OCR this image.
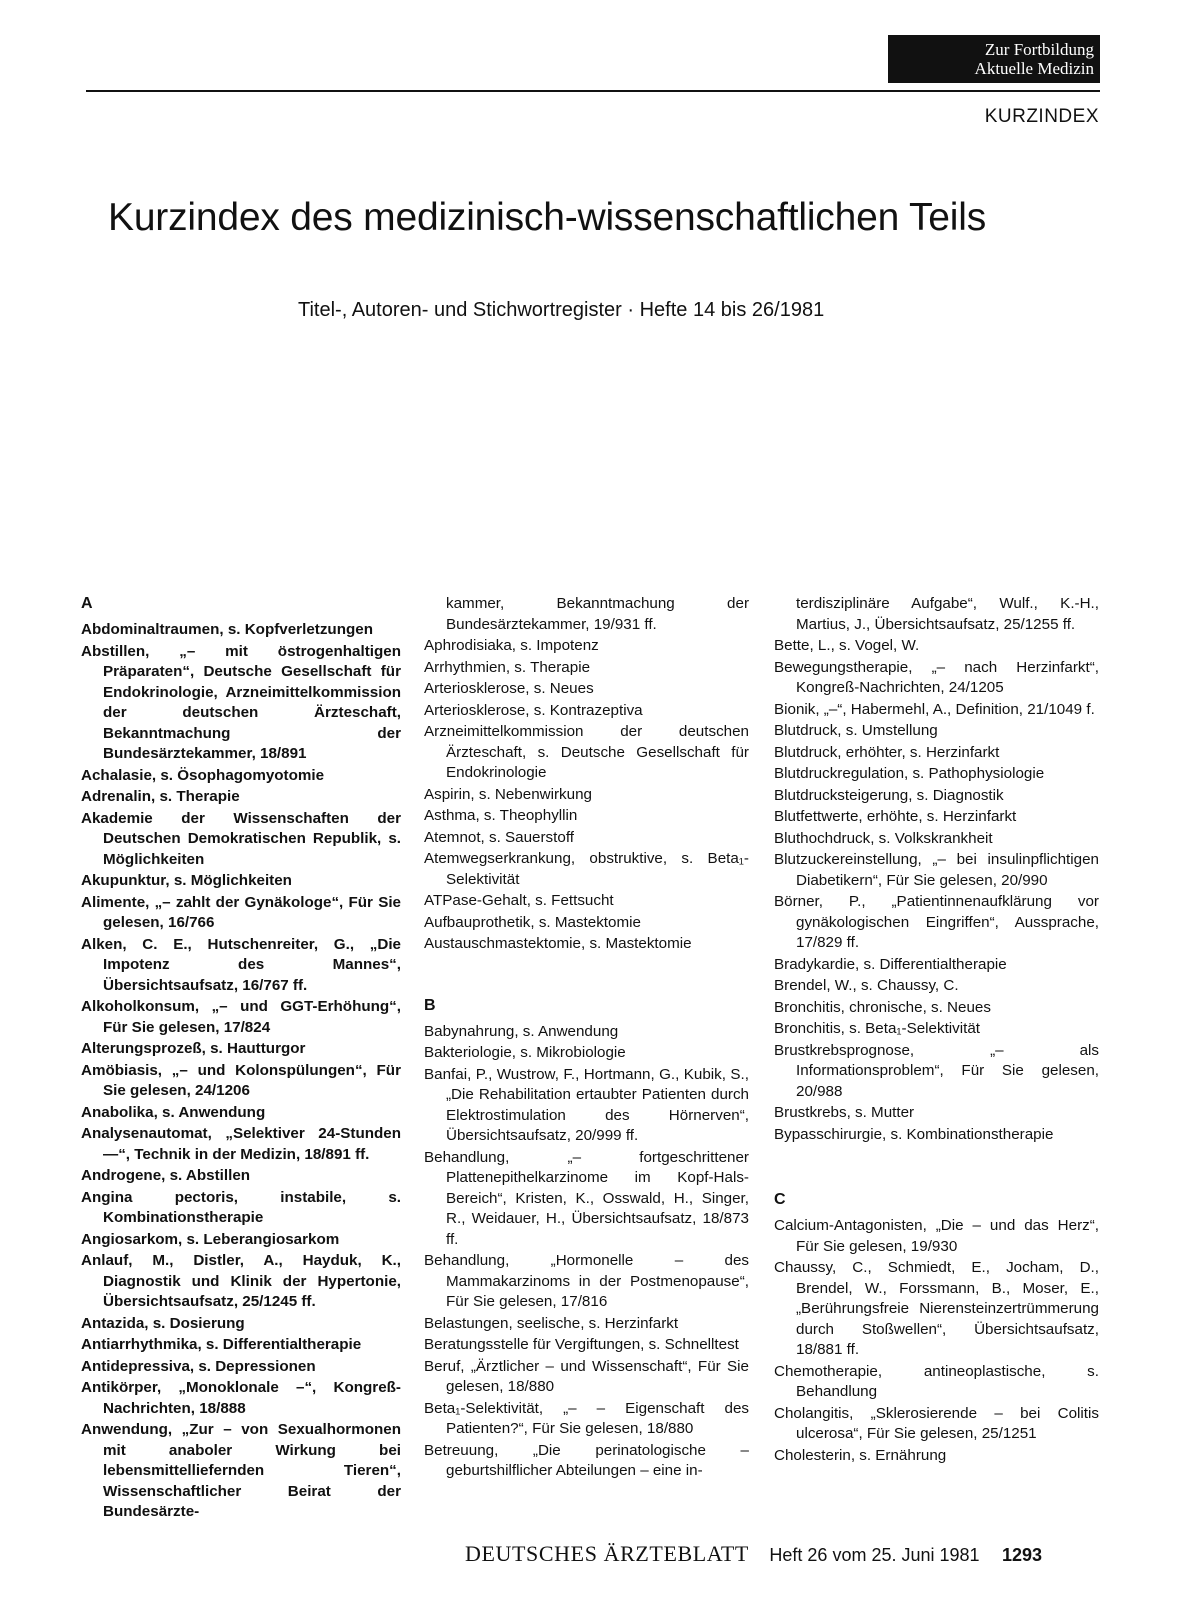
Zur Fortbildung
Aktuelle Medizin
KURZINDEX
Kurzindex des medizinisch-wissenschaftlichen Teils
Titel-, Autoren- und Stichwortregister · Hefte 14 bis 26/1981
A
Abdominaltraumen, s. Kopfverletzungen
Abstillen, „– mit östrogenhaltigen Präparaten“, Deutsche Gesellschaft für Endokrinologie, Arzneimittelkommission der deutschen Ärzteschaft, Bekanntmachung der Bundesärztekammer, 18/891
Achalasie, s. Ösophagomyotomie
Adrenalin, s. Therapie
Akademie der Wissenschaften der Deutschen Demokratischen Republik, s. Möglichkeiten
Akupunktur, s. Möglichkeiten
Alimente, „– zahlt der Gynäkologe“, Für Sie gelesen, 16/766
Alken, C. E., Hutschenreiter, G., „Die Impotenz des Mannes“, Übersichtsaufsatz, 16/767 ff.
Alkoholkonsum, „– und GGT-Erhöhung“, Für Sie gelesen, 17/824
Alterungsprozeß, s. Hautturgor
Amöbiasis, „– und Kolonspülungen“, Für Sie gelesen, 24/1206
Anabolika, s. Anwendung
Analysenautomat, „Selektiver 24-Stunden—“, Technik in der Medizin, 18/891 ff.
Androgene, s. Abstillen
Angina pectoris, instabile, s. Kombinationstherapie
Angiosarkom, s. Leberangiosarkom
Anlauf, M., Distler, A., Hayduk, K., Diagnostik und Klinik der Hypertonie, Übersichtsaufsatz, 25/1245 ff.
Antazida, s. Dosierung
Antiarrhythmika, s. Differentialtherapie
Antidepressiva, s. Depressionen
Antikörper, „Monoklonale –“, Kongreß-Nachrichten, 18/888
Anwendung, „Zur – von Sexualhormonen mit anaboler Wirkung bei lebensmittelliefernden Tieren“, Wissenschaftlicher Beirat der Bundesärzte-
kammer, Bekanntmachung der Bundesärztekammer, 19/931 ff.
Aphrodisiaka, s. Impotenz
Arrhythmien, s. Therapie
Arteriosklerose, s. Neues
Arteriosklerose, s. Kontrazeptiva
Arzneimittelkommission der deutschen Ärzteschaft, s. Deutsche Gesellschaft für Endokrinologie
Aspirin, s. Nebenwirkung
Asthma, s. Theophyllin
Atemnot, s. Sauerstoff
Atemwegserkrankung, obstruktive, s. Beta₁-Selektivität
ATPase-Gehalt, s. Fettsucht
Aufbauprothetik, s. Mastektomie
Austauschmastektomie, s. Mastektomie
B
Babynahrung, s. Anwendung
Bakteriologie, s. Mikrobiologie
Banfai, P., Wustrow, F., Hortmann, G., Kubik, S., „Die Rehabilitation ertaubter Patienten durch Elektrostimulation des Hörnerven“, Übersichtsaufsatz, 20/999 ff.
Behandlung, „– fortgeschrittener Plattenepithelkarzinome im Kopf-Hals-Bereich“, Kristen, K., Osswald, H., Singer, R., Weidauer, H., Übersichtsaufsatz, 18/873 ff.
Behandlung, „Hormonelle – des Mammakarzinoms in der Postmenopause“, Für Sie gelesen, 17/816
Belastungen, seelische, s. Herzinfarkt
Beratungsstelle für Vergiftungen, s. Schnelltest
Beruf, „Ärztlicher – und Wissenschaft“, Für Sie gelesen, 18/880
Beta₁-Selektivität, „– – Eigenschaft des Patienten?“, Für Sie gelesen, 18/880
Betreuung, „Die perinatologische – geburtshilflicher Abteilungen – eine in-
terdisziplinäre Aufgabe“, Wulf., K.-H., Martius, J., Übersichtsaufsatz, 25/1255 ff.
Bette, L., s. Vogel, W.
Bewegungstherapie, „– nach Herzinfarkt“, Kongreß-Nachrichten, 24/1205
Bionik, „–“, Habermehl, A., Definition, 21/1049 f.
Blutdruck, s. Umstellung
Blutdruck, erhöhter, s. Herzinfarkt
Blutdruckregulation, s. Pathophysiologie
Blutdrucksteigerung, s. Diagnostik
Blutfettwerte, erhöhte, s. Herzinfarkt
Bluthochdruck, s. Volkskrankheit
Blutzuckereinstellung, „– bei insulinpflichtigen Diabetikern“, Für Sie gelesen, 20/990
Börner, P., „Patientinnenaufklärung vor gynäkologischen Eingriffen“, Aussprache, 17/829 ff.
Bradykardie, s. Differentialtherapie
Brendel, W., s. Chaussy, C.
Bronchitis, chronische, s. Neues
Bronchitis, s. Beta₁-Selektivität
Brustkrebsprognose, „– als Informationsproblem“, Für Sie gelesen, 20/988
Brustkrebs, s. Mutter
Bypasschirurgie, s. Kombinationstherapie
C
Calcium-Antagonisten, „Die – und das Herz“, Für Sie gelesen, 19/930
Chaussy, C., Schmiedt, E., Jocham, D., Brendel, W., Forssmann, B., Moser, E., „Berührungsfreie Nierensteinzertrümmerung durch Stoßwellen“, Übersichtsaufsatz, 18/881 ff.
Chemotherapie, antineoplastische, s. Behandlung
Cholangitis, „Sklerosierende – bei Colitis ulcerosa“, Für Sie gelesen, 25/1251
Cholesterin, s. Ernährung
DEUTSCHES ÄRZTEBLATT Heft 26 vom 25. Juni 1981 1293
